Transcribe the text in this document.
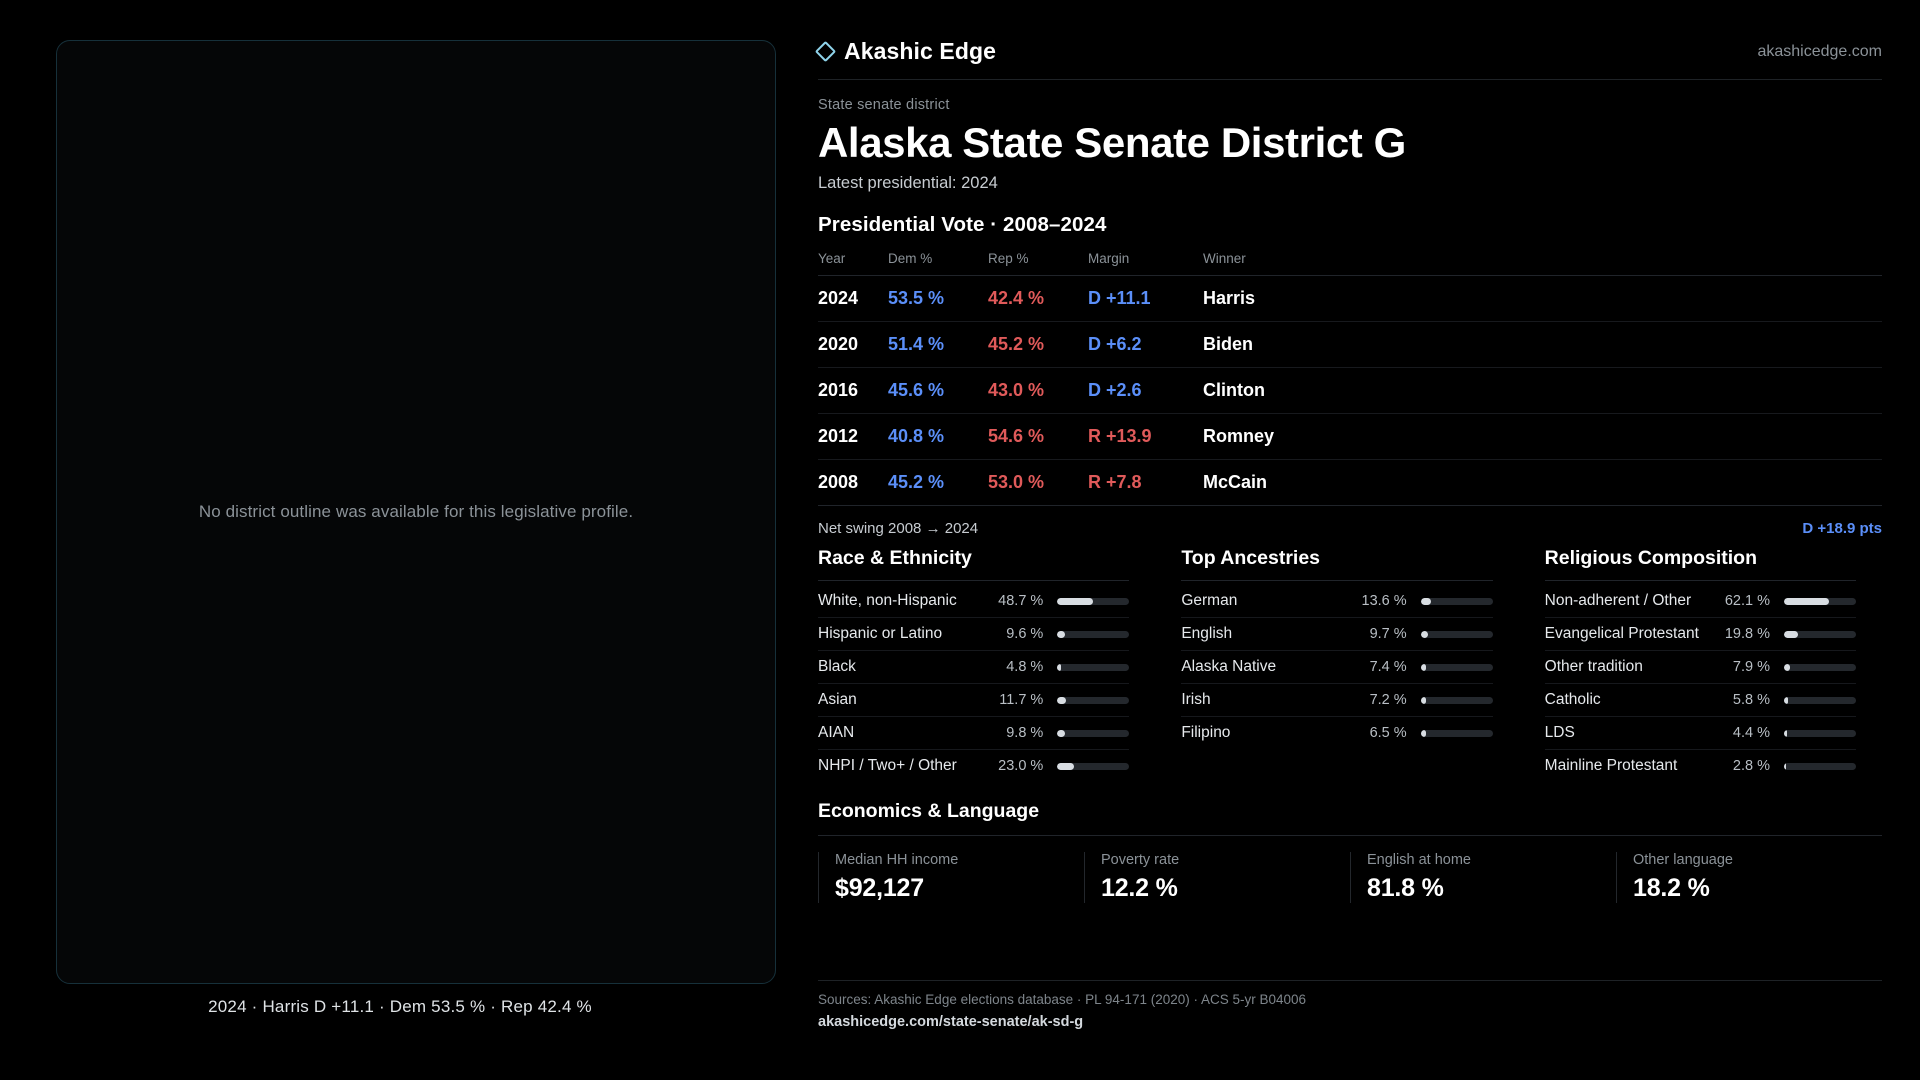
No district outline was available for this legislative profile.
2024 · Harris D +11.1 · Dem 53.5 % · Rep 42.4 %
Akashic Edge	akashicedge.com
State senate district
Alaska State Senate District G
Latest presidential: 2024
Presidential Vote · 2008–2024
Year	Dem %	Rep %	Margin	Winner
2024	53.5 %	42.4 %	D +11.1	Harris
2020	51.4 %	45.2 %	D +6.2	Biden
2016	45.6 %	43.0 %	D +2.6	Clinton
2012	40.8 %	54.6 %	R +13.9	Romney
2008	45.2 %	53.0 %	R +7.8	McCain
Net swing 2008 → 2024	D +18.9 pts
Race & Ethnicity
White, non-Hispanic	48.7 %
Hispanic or Latino	9.6 %
Black	4.8 %
Asian	11.7 %
AIAN	9.8 %
NHPI / Two+ / Other	23.0 %
Top Ancestries
German	13.6 %
English	9.7 %
Alaska Native	7.4 %
Irish	7.2 %
Filipino	6.5 %
Religious Composition
Non-adherent / Other	62.1 %
Evangelical Protestant	19.8 %
Other tradition	7.9 %
Catholic	5.8 %
LDS	4.4 %
Mainline Protestant	2.8 %
Economics & Language
Median HH income
$92,127
Poverty rate
12.2 %
English at home
81.8 %
Other language
18.2 %
Sources: Akashic Edge elections database · PL 94-171 (2020) · ACS 5-yr B04006
akashicedge.com/state-senate/ak-sd-g
